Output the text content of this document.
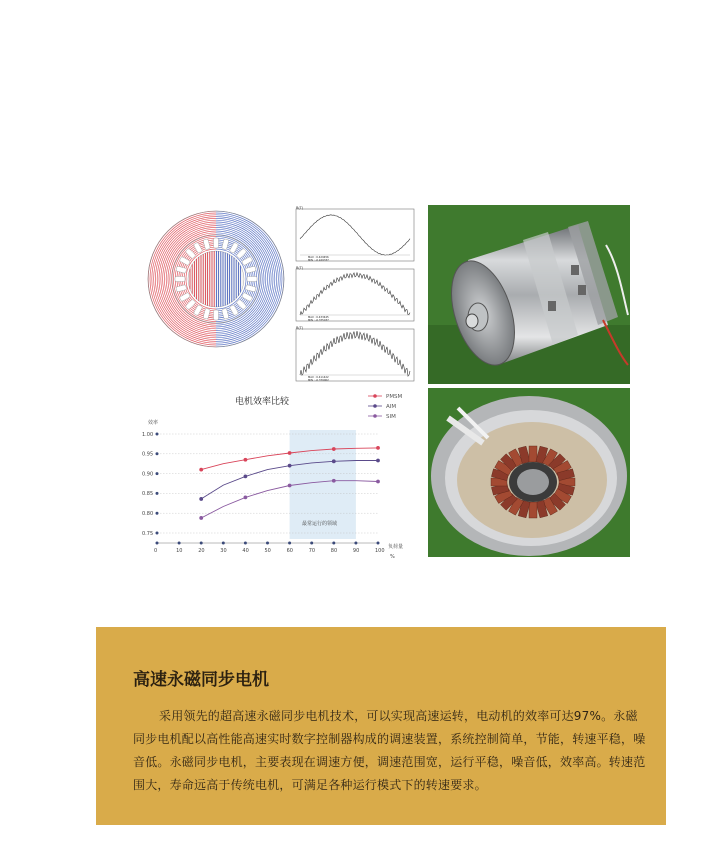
B(T)
MAX : 0.429456
MIN : -0.429337
B(T)
MAX : 0.433445
MIN : -0.375037
B(T)
MAX : 0.411422
MIN : -0.379002
电机效率比较
效率
负荷量
%
PMSM
AIM
SIM
0.75
0.80
0.85
0.90
0.95
1.00
0	10	20	30	40	50	60	70	80	90	100
最常运行的领域
高速永磁同步电机

采用领先的超高速永磁同步电机技术，可以实现高速运转，电动机的效率可达97%。永磁同步电机配以高性能高速实时数字控制器构成的调速装置，系统控制简单，节能，转速平稳，噪音低。永磁同步电机，主要表现在调速方便，调速范围宽，运行平稳，噪音低，效率高。转速范围大，寿命远高于传统电机，可满足各种运行模式下的转速要求。
